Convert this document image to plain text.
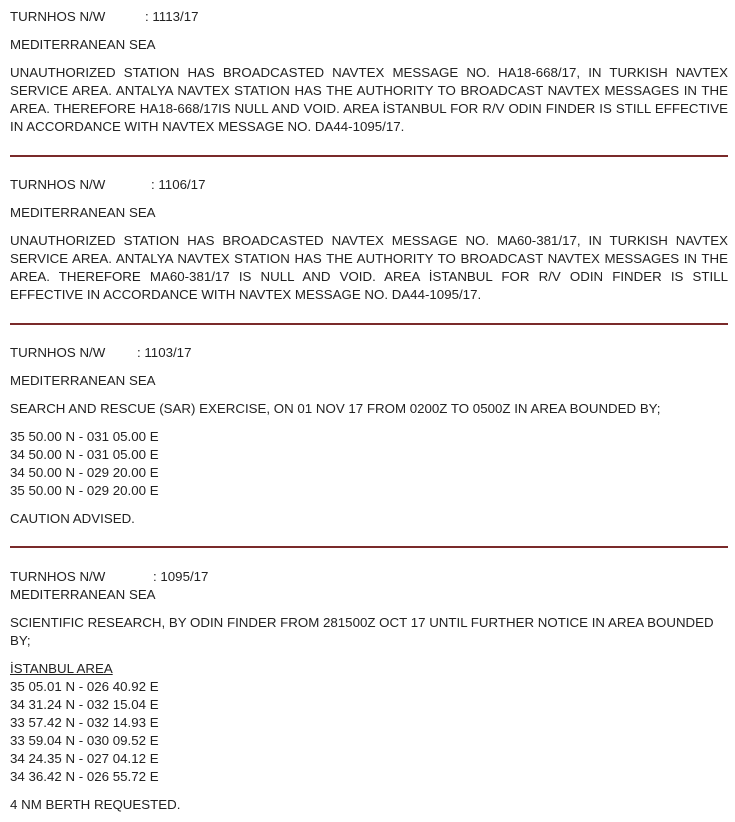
TURNHOS N/W	: 1113/17
MEDITERRANEAN SEA

UNAUTHORIZED STATION HAS BROADCASTED NAVTEX MESSAGE NO. HA18-668/17, IN TURKISH NAVTEX SERVICE AREA. ANTALYA NAVTEX STATION HAS THE AUTHORITY TO BROADCAST NAVTEX MESSAGES IN THE AREA. THEREFORE HA18-668/17IS NULL AND VOID. AREA İSTANBUL FOR R/V ODIN FINDER IS STILL EFFECTIVE IN ACCORDANCE WITH NAVTEX MESSAGE NO. DA44-1095/17.

TURNHOS N/W	: 1106/17
MEDITERRANEAN SEA

UNAUTHORIZED STATION HAS BROADCASTED NAVTEX MESSAGE NO. MA60-381/17, IN TURKISH NAVTEX SERVICE AREA. ANTALYA NAVTEX STATION HAS THE AUTHORITY TO BROADCAST NAVTEX MESSAGES IN THE AREA. THEREFORE MA60-381/17 IS NULL AND VOID. AREA İSTANBUL FOR R/V ODIN FINDER IS STILL EFFECTIVE IN ACCORDANCE WITH NAVTEX MESSAGE NO. DA44-1095/17.

TURNHOS N/W	: 1103/17
MEDITERRANEAN SEA
SEARCH AND RESCUE (SAR) EXERCISE, ON 01 NOV 17 FROM 0200Z TO 0500Z IN AREA BOUNDED BY;
35 50.00 N - 031 05.00 E
34 50.00 N - 031 05.00 E
34 50.00 N - 029 20.00 E
35 50.00 N - 029 20.00 E
CAUTION ADVISED.
TURNHOS N/W	: 1095/17
MEDITERRANEAN SEA

SCIENTIFIC RESEARCH, BY ODIN FINDER FROM 281500Z OCT 17 UNTIL FURTHER NOTICE IN AREA BOUNDED BY;

İSTANBUL AREA
35 05.01 N - 026 40.92 E
34 31.24 N - 032 15.04 E
33 57.42 N - 032 14.93 E
33 59.04 N - 030 09.52 E
34 24.35 N - 027 04.12 E
34 36.42 N - 026 55.72 E
4 NM BERTH REQUESTED.
